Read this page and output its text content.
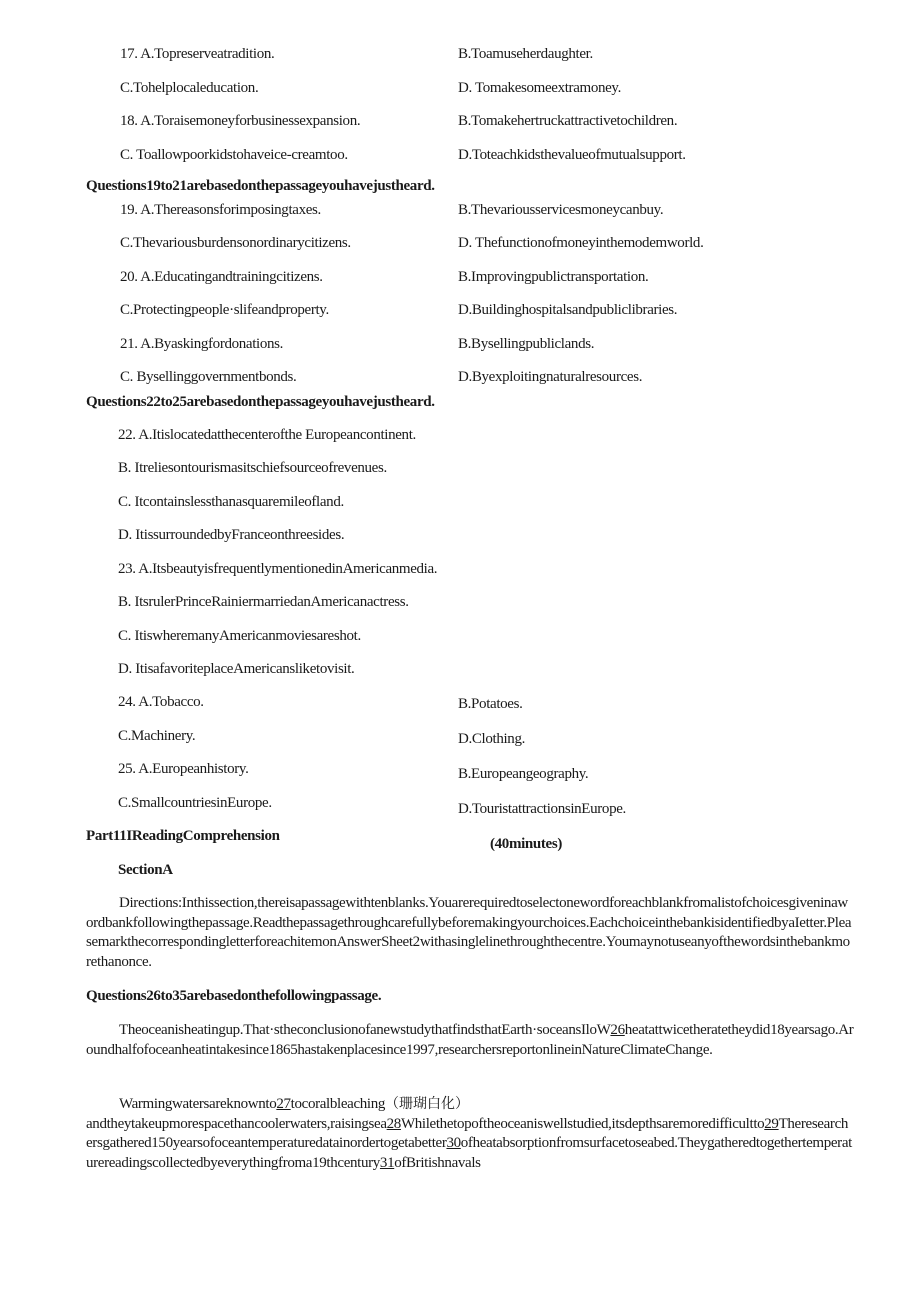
17. A.Topreserveatradition.	B.Toamuseherdaughter.
C.Tohelplocaleducation.	D. Tomakesomeextramoney.
18. A.Toraisemoneyforbusinessexpansion.	B.Tomakehertruckattractivetochildren.
C. Toallowpoorkidstohaveice-creamtoo.	D.Toteachkidsthevalueofmutualsupport.
Questions19to21arebasedonthepassageyouhavejustheard.
19. A.Thereasonsforimposingtaxes.	B.Thevariousservicesmoneycanbuy.
C.Thevariousburdensonordinarycitizens.	D. Thefunctionofmoneyinthemodemworld.
20. A.Educatingandtrainingcitizens.	B.Improvingpublictransportation.
C.Protectingpeople·slifeandproperty.	D.Buildinghospitalsandpubliclibraries.
21. A.Byaskingfordonations.	B.Bysellingpubliclands.
C. Bysellinggovernmentbonds.	D.Byexploitingnaturalresources.
Questions22to25arebasedonthepassageyouhavejustheard.
22. A.Itislocatedatthecenterofthe Europeancontinent.
B. Itreliesontourismasitschiefsourceofrevenues.
C. Itcontainslessthanasquaremileofland.
D. ItissurroundedbyFranceonthreesides.
23. A.ItsbeautyisfrequentlymentionedinAmericanmedia.
B. ItsrulerPrinceRainiermarriedanAmericanactress.
C. ItiswheremanyAmericanmoviesareshot.
D. ItisafavoriteplaceAmericansliketovisit.
24. A.Tobacco.	B.Potatoes.
C.Machinery.	D.Clothing.
25. A.Europeanhistory.	B.Europeangeography.
C.SmallcountriesinEurope.	D.TouristattractionsinEurope.
Part11IReadingComprehension	(40minutes)
SectionA
Directions:Inthissection,thereisapassagewithtenblanks.Youarerequiredtoselectonewordforeachblankfromalistofchoicesgiveninawordbankfollowingthepassage.Readthepassagethroughcarefullybeforemakingyourchoices.EachchoiceinthebankisidentifiedbyaIetter.PleasemarkthecorrespondingletterforeachitemonAnswerSheet2withasinglelinethroughthecentre.Youmaynotuseanyofthewordsinthebankmorethanonce.
Questions26to35arebasedonthefollowingpassage.
Theoceanisheatingup.That·stheconclusionofanewstudythatfindsthatEarth·soceansIloW26heatattwicetheratetheydid18yearsago.Aroundhalfofoceanheatintakesince1865hastakenplacesince1997,researchersreportonlineinNatureClimateChange.
Warmingwatersareknownto27tocoralbleaching（珊瑚白化）
andtheytakeupmorespacethancoolerwaters,raisingsea28Whilethetopoftheoceaniswellstudied,itsdepthsaremoredifficultto29Theresearchersgathered150yearsofoceantemperaturedatainordertogetabetter30ofheatabsorptionfromsurfacetoseabed.Theygatheredtogethertemperaturereadingscollectedbyeverythingfroma19thcentury31ofBritishnavals
